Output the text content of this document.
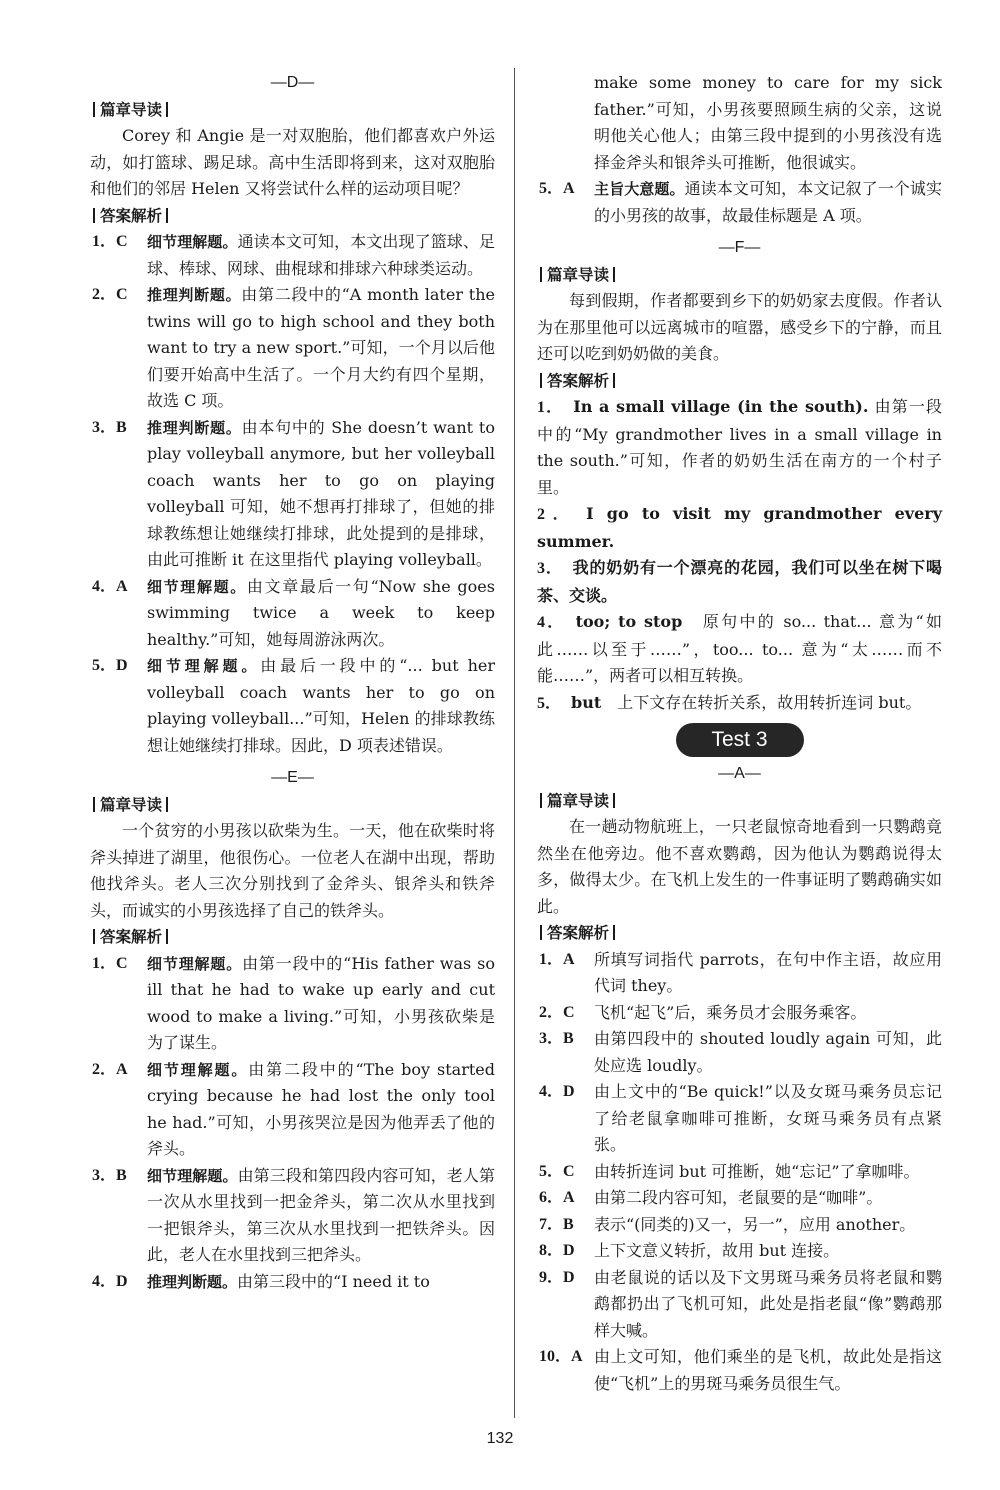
—D—

篇章导读

Corey 和 Angie 是一对双胞胎，他们都喜欢户外运动，如打篮球、踢足球。高中生活即将到来，这对双胞胎和他们的邻居 Helen 又将尝试什么样的运动项目呢？

答案解析

1．C 细节理解题。通读本文可知，本文出现了篮球、足球、棒球、网球、曲棍球和排球六种球类运动。

2．C 推理判断题。由第二段中的“A month later the twins will go to high school and they both want to try a new sport.”可知，一个月以后他们要开始高中生活了。一个月大约有四个星期，故选 C 项。

3．B 推理判断题。由本句中的 She doesn’t want to play volleyball anymore, but her volleyball coach wants her to go on playing volleyball 可知，她不想再打排球了，但她的排球教练想让她继续打排球，此处提到的是排球，由此可推断 it 在这里指代 playing volleyball。

4．A 细节理解题。由文章最后一句“Now she goes swimming twice a week to keep healthy.”可知，她每周游泳两次。

5．D 细节理解题。由最后一段中的“... but her volleyball coach wants her to go on playing volleyball...”可知，Helen 的排球教练想让她继续打排球。因此，D 项表述错误。

—E—

篇章导读

一个贫穷的小男孩以砍柴为生。一天，他在砍柴时将斧头掉进了湖里，他很伤心。一位老人在湖中出现，帮助他找斧头。老人三次分别找到了金斧头、银斧头和铁斧头，而诚实的小男孩选择了自己的铁斧头。

答案解析

1．C 细节理解题。由第一段中的“His father was so ill that he had to wake up early and cut wood to make a living.”可知，小男孩砍柴是为了谋生。

2．A 细节理解题。由第二段中的“The boy started crying because he had lost the only tool he had.”可知，小男孩哭泣是因为他弄丢了他的斧头。

3．B 细节理解题。由第三段和第四段内容可知，老人第一次从水里找到一把金斧头，第二次从水里找到一把银斧头，第三次从水里找到一把铁斧头。因此，老人在水里找到三把斧头。

4．D 推理判断题。由第三段中的“I need it to

make some money to care for my sick father.”可知，小男孩要照顾生病的父亲，这说明他关心他人；由第三段中提到的小男孩没有选择金斧头和银斧头可推断，他很诚实。

5．A 主旨大意题。通读本文可知，本文记叙了一个诚实的小男孩的故事，故最佳标题是 A 项。

—F—

篇章导读

每到假期，作者都要到乡下的奶奶家去度假。作者认为在那里他可以远离城市的喧嚣，感受乡下的宁静，而且还可以吃到奶奶做的美食。

答案解析

1． In a small village (in the south). 由第一段中的“My grandmother lives in a small village in the south.”可知，作者的奶奶生活在南方的一个村子里。

2． I go to visit my grandmother every summer.

3． 我的奶奶有一个漂亮的花园，我们可以坐在树下喝茶、交谈。

4． too; to stop　 原句中的 so... that... 意为“如此……以至于……”，too... to... 意为“太……而不能……”，两者可以相互转换。

5． but　 上下文存在转折关系，故用转折连词 but。

Test 3

—A—

篇章导读

在一趟动物航班上，一只老鼠惊奇地看到一只鹦鹉竟然坐在他旁边。他不喜欢鹦鹉，因为他认为鹦鹉说得太多，做得太少。在飞机上发生的一件事证明了鹦鹉确实如此。

答案解析

1．A 所填写词指代 parrots，在句中作主语，故应用代词 they。

2．C 飞机“起飞”后，乘务员才会服务乘客。

3．B 由第四段中的 shouted loudly again 可知，此处应选 loudly。

4．D 由上文中的“Be quick!”以及女斑马乘务员忘记了给老鼠拿咖啡可推断，女斑马乘务员有点紧张。

5．C 由转折连词 but 可推断，她“忘记”了拿咖啡。

6．A 由第二段内容可知，老鼠要的是“咖啡”。

7．B 表示“(同类的)又一，另一”，应用 another。

8．D 上下文意义转折，故用 but 连接。

9．D 由老鼠说的话以及下文男斑马乘务员将老鼠和鹦鹉都扔出了飞机可知，此处是指老鼠“像”鹦鹉那样大喊。

10．A 由上文可知，他们乘坐的是飞机，故此处是指这使“飞机”上的男斑马乘务员很生气。

132
